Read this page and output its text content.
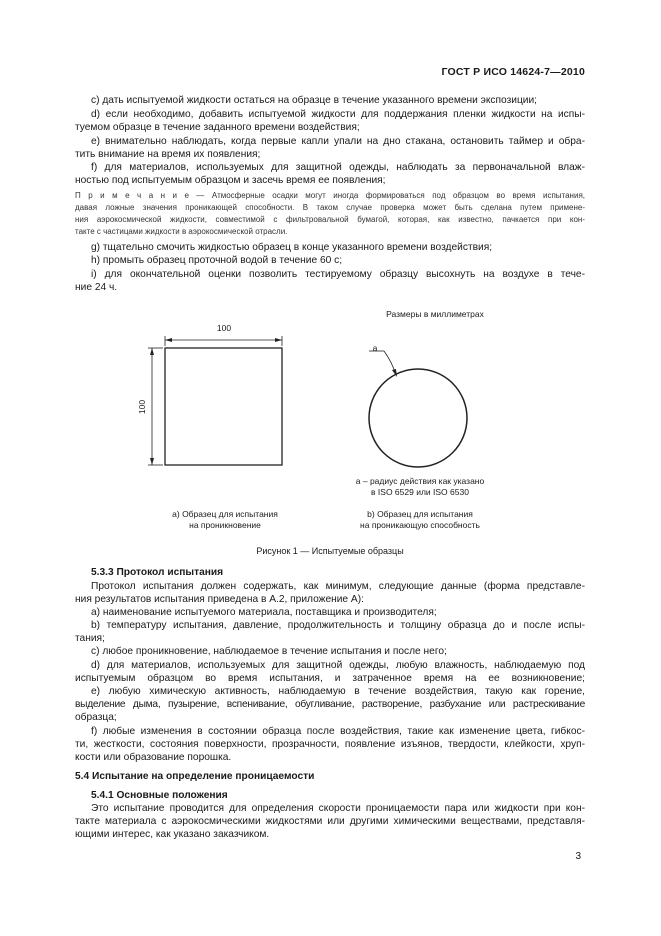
ГОСТ Р ИСО 14624-7—2010
c) дать испытуемой жидкости остаться на образце в течение указанного времени экспозиции;
d) если необходимо, добавить испытуемой жидкости для поддержания пленки жидкости на испы-
туемом образце в течение заданного времени воздействия;
e) внимательно наблюдать, когда первые капли упали на дно стакана, остановить таймер и обра-
тить внимание на время их появления;
f) для материалов, используемых для защитной одежды, наблюдать за первоначальной влаж-
ностью под испытуемым образцом и засечь время ее появления;
П р и м е ч а н и е — Атмосферные осадки могут иногда формироваться под образцом во время испытания,
давая ложные значения проникающей способности. В таком случае проверка может быть сделана путем примене-
ния аэрокосмической жидкости, совместимой с фильтровальной бумагой, которая, как известно, пачкается при кон-
такте с частицами жидкости в аэрокосмической отрасли.
g) тщательно смочить жидкостью образец в конце указанного времени воздействия;
h) промыть образец проточной водой в течение 60 с;
i) для окончательной оценки позволить тестируемому образцу высохнуть на воздухе в тече-
ние 24 ч.
100
100
Размеры в миллиметрах
a
a – радиус действия как указано
в ISO 6529 или ISO 6530
a) Образец для испытания
на проникновение
b) Образец для испытания
на проникающую способность
Рисунок 1 — Испытуемые образцы
5.3.3 Протокол испытания
Протокол испытания должен содержать, как минимум, следующие данные (форма представле-
ния результатов испытания приведена в А.2, приложение А):
a) наименование испытуемого материала, поставщика и производителя;
b) температуру испытания, давление, продолжительность и толщину образца до и после испы-
тания;
c) любое проникновение, наблюдаемое в течение испытания и после него;
d) для материалов, используемых для защитной одежды, любую влажность, наблюдаемую под
испытуемым образцом во время испытания, и затраченное время на ее возникновение;
e) любую химическую активность, наблюдаемую в течение воздействия, такую как горение,
выделение дыма, пузырение, вспенивание, обугливание, растворение, разбухание или растрескивание
образца;
f) любые изменения в состоянии образца после воздействия, такие как изменение цвета, гибкос-
ти, жесткости, состояния поверхности, прозрачности, появление изъянов, твердости, клейкости, хруп-
кости или образование порошка.
5.4 Испытание на определение проницаемости
5.4.1 Основные положения
Это испытание проводится для определения скорости проницаемости пара или жидкости при кон-
такте материала с аэрокосмическими жидкостями или другими химическими веществами, представля-
ющими интерес, как указано заказчиком.
3
